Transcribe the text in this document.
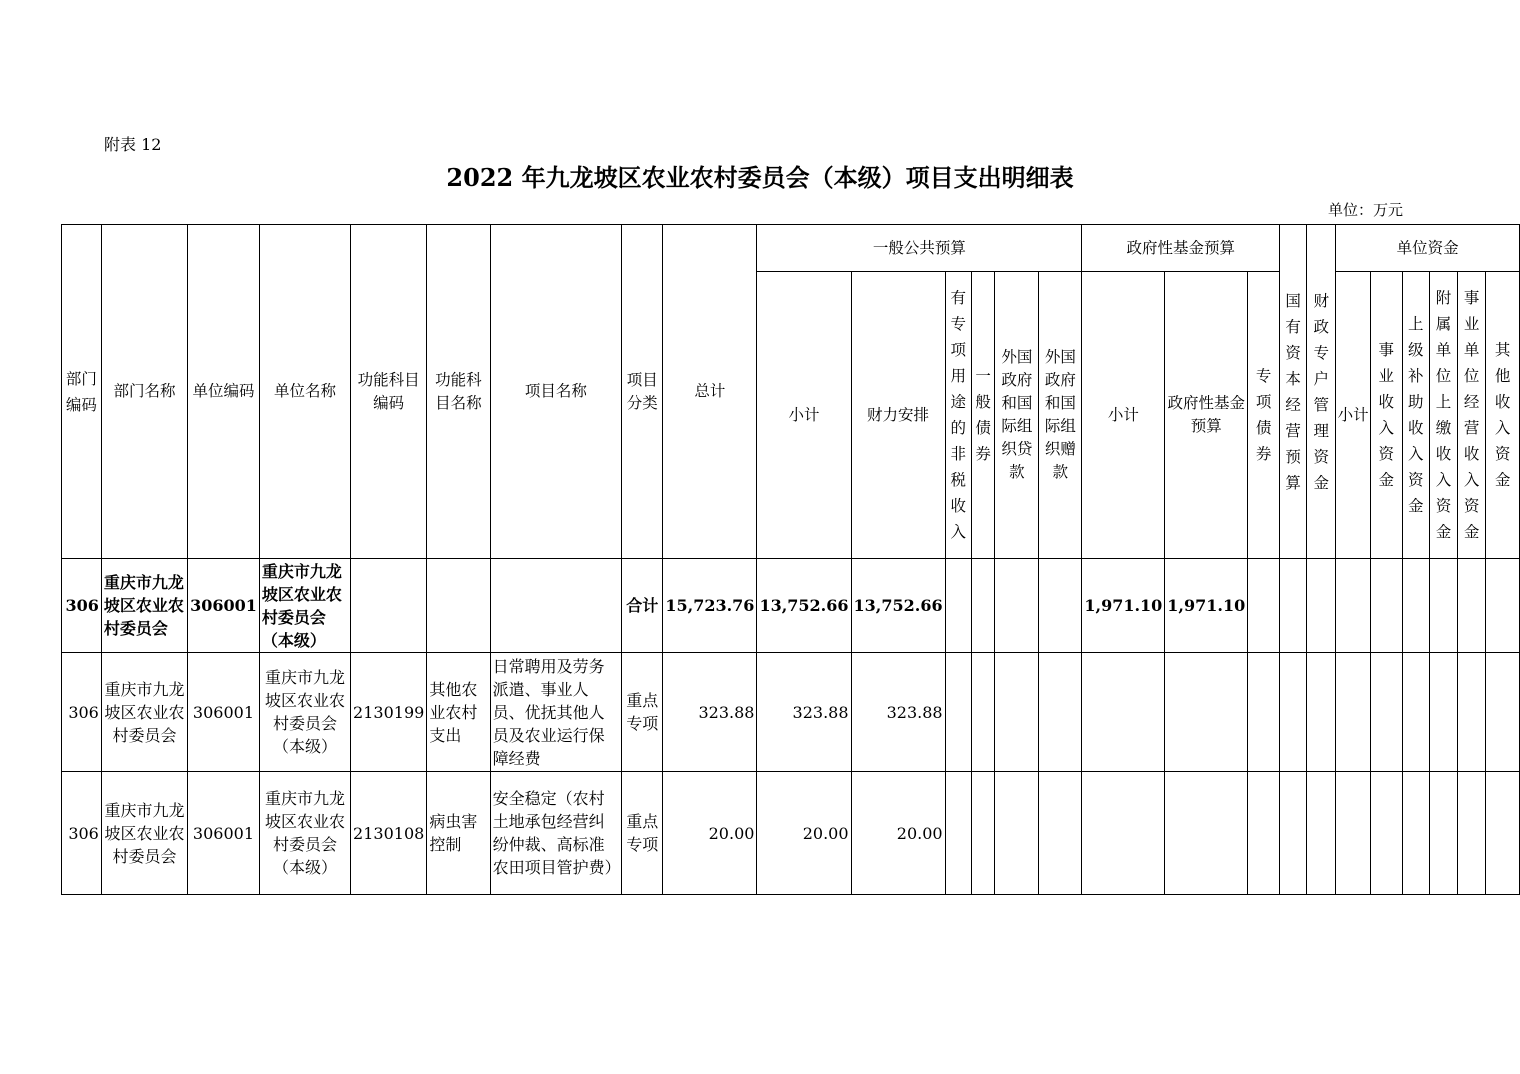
附表 12
2022 年九龙坡区农业农村委员会（本级）项目支出明细表
单位：万元
部门编码	部门名称	单位编码	单位名称	功能科目编码	功能科目名称	项目名称	项目分类	总计	一般公共预算						政府性基金预算			国有资本经营预算	财政专户管理资金	单位资金					
									小计	财力安排	有专项用途的非税收入	一般债券	外国政府和国际组织贷款	外国政府和国际组织赠款	小计	政府性基金预算	专项债券			小计	事业收入资金	上级补助收入资金	附属单位上缴收入资金	事业单位经营收入资金	其他收入资金
306	重庆市九龙坡区农业农村委员会	306001	重庆市九龙坡区农业农村委员会（本级）				合计	15,723.76	13,752.66	13,752.66					1,971.10	1,971.10									
306	重庆市九龙坡区农业农村委员会	306001	重庆市九龙坡区农业农村委员会（本级）	2130199	其他农业农村支出	日常聘用及劳务派遣、事业人员、优抚其他人员及农业运行保障经费	重点专项	323.88	323.88	323.88															
306	重庆市九龙坡区农业农村委员会	306001	重庆市九龙坡区农业农村委员会（本级）	2130108	病虫害控制	安全稳定（农村土地承包经营纠纷仲裁、高标准农田项目管护费）	重点专项	20.00	20.00	20.00															
